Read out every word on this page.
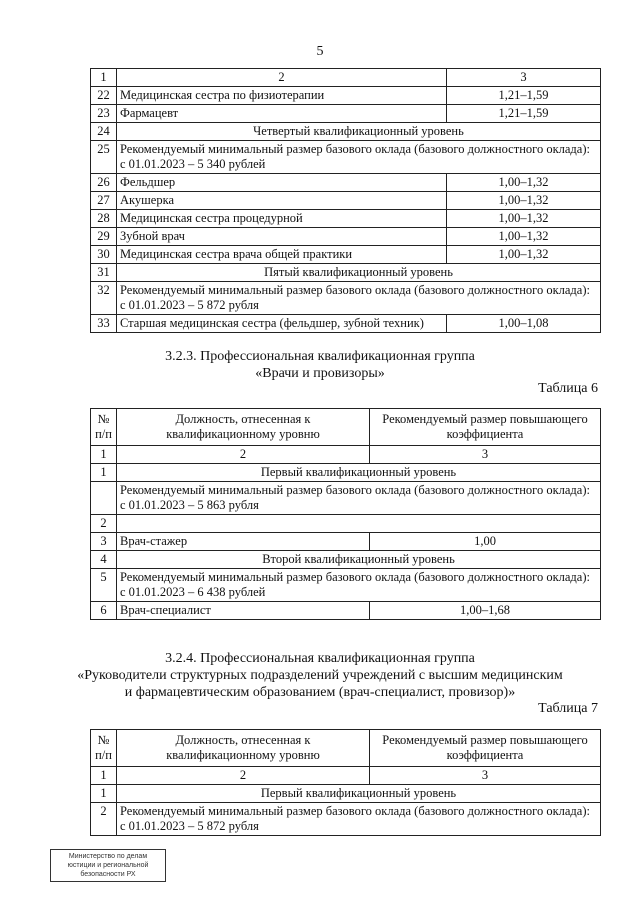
5
1	2	3
22	Медицинская сестра по физиотерапии	1,21–1,59
23	Фармацевт	1,21–1,59
24	Четвертый квалификационный уровень	
25	Рекомендуемый минимальный размер базового оклада (базового должностного оклада): с 01.01.2023 – 5 340 рублей	
26	Фельдшер	1,00–1,32
27	Акушерка	1,00–1,32
28	Медицинская сестра процедурной	1,00–1,32
29	Зубной врач	1,00–1,32
30	Медицинская сестра врача общей практики	1,00–1,32
31	Пятый квалификационный уровень	
32	Рекомендуемый минимальный размер базового оклада (базового должностного оклада): с 01.01.2023 – 5 872 рубля	
33	Старшая медицинская сестра (фельдшер, зубной техник)	1,00–1,08
3.2.3. Профессиональная квалификационная группа
«Врачи и провизоры»
Таблица 6
№ п/п	Должность, отнесенная к квалификационному уровню	Рекомендуемый размер повышающего коэффициента
1	2	3
1	Первый квалификационный уровень	
	Рекомендуемый минимальный размер базового оклада (базового должностного оклада): с 01.01.2023 – 5 863 рубля	
2		
3	Врач-стажер	1,00
4	Второй квалификационный уровень	
5	Рекомендуемый минимальный размер базового оклада (базового должностного оклада): с 01.01.2023 – 6 438 рублей	
6	Врач-специалист	1,00–1,68
3.2.4. Профессиональная квалификационная группа
«Руководители структурных подразделений учреждений с высшим медицинским
и фармацевтическим образованием (врач-специалист, провизор)»
Таблица 7
№ п/п	Должность, отнесенная к квалификационному уровню	Рекомендуемый размер повышающего коэффициента
1	2	3
1	Первый квалификационный уровень	
2	Рекомендуемый минимальный размер базового оклада (базового должностного оклада): с 01.01.2023 – 5 872 рубля	
Министерство по делам
юстиции и региональной
безопасности РХ
